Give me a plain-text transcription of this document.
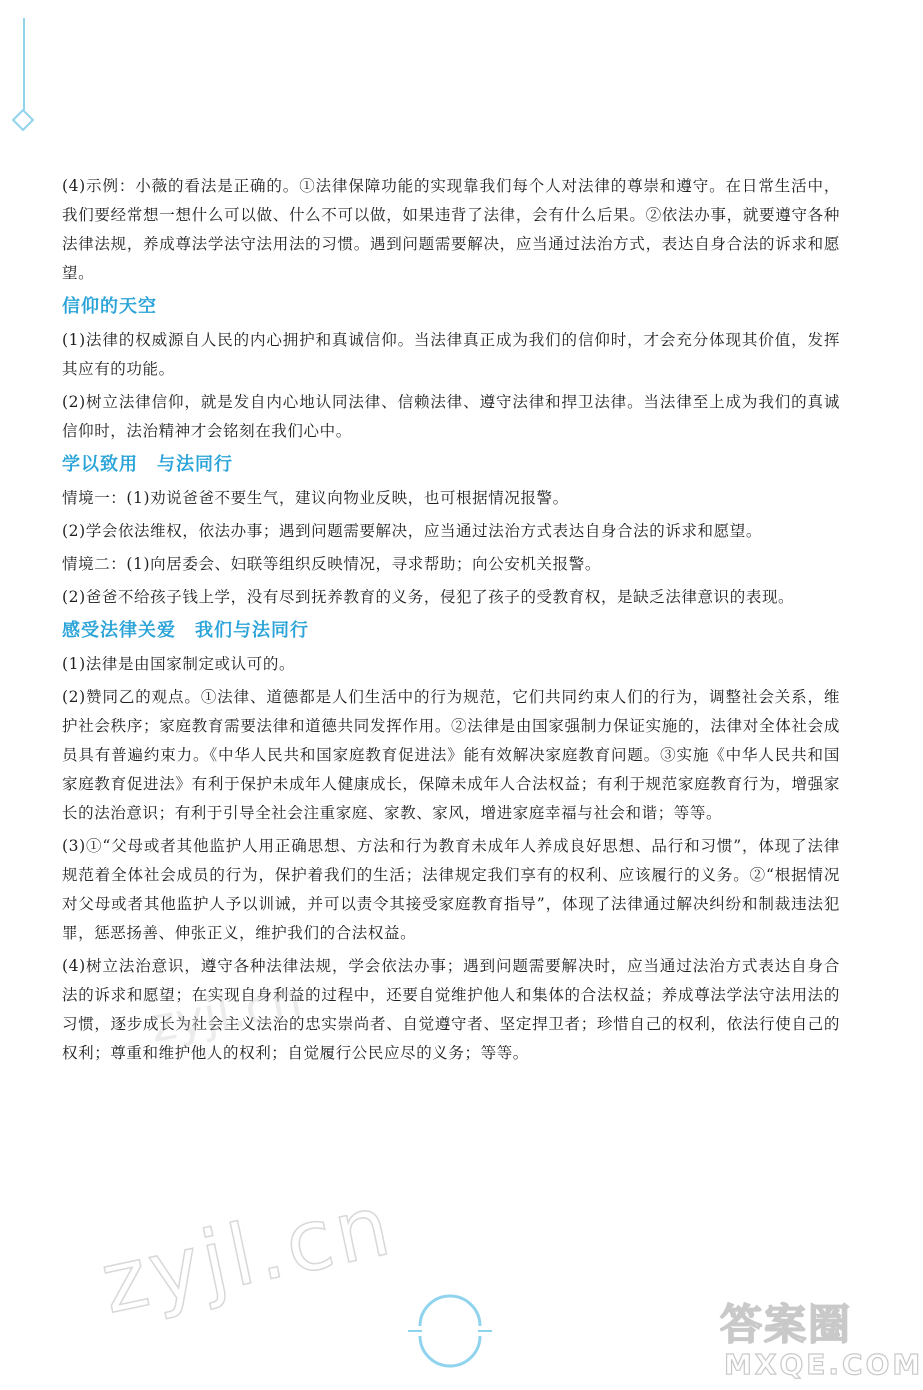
(4)示例：小薇的看法是正确的。①法律保障功能的实现靠我们每个人对法律的尊崇和遵守。在日常生活中，我们要经常想一想什么可以做、什么不可以做，如果违背了法律，会有什么后果。②依法办事，就要遵守各种法律法规，养成尊法学法守法用法的习惯。遇到问题需要解决，应当通过法治方式，表达自身合法的诉求和愿望。

信仰的天空

(1)法律的权威源自人民的内心拥护和真诚信仰。当法律真正成为我们的信仰时，才会充分体现其价值，发挥其应有的功能。

(2)树立法律信仰，就是发自内心地认同法律、信赖法律、遵守法律和捍卫法律。当法律至上成为我们的真诚信仰时，法治精神才会铭刻在我们心中。

学以致用　与法同行

情境一：(1)劝说爸爸不要生气，建议向物业反映，也可根据情况报警。

(2)学会依法维权，依法办事；遇到问题需要解决，应当通过法治方式表达自身合法的诉求和愿望。

情境二：(1)向居委会、妇联等组织反映情况，寻求帮助；向公安机关报警。

(2)爸爸不给孩子钱上学，没有尽到抚养教育的义务，侵犯了孩子的受教育权，是缺乏法律意识的表现。

感受法律关爱　我们与法同行

(1)法律是由国家制定或认可的。

(2)赞同乙的观点。①法律、道德都是人们生活中的行为规范，它们共同约束人们的行为，调整社会关系，维护社会秩序；家庭教育需要法律和道德共同发挥作用。②法律是由国家强制力保证实施的，法律对全体社会成员具有普遍约束力。《中华人民共和国家庭教育促进法》能有效解决家庭教育问题。③实施《中华人民共和国家庭教育促进法》有利于保护未成年人健康成长，保障未成年人合法权益；有利于规范家庭教育行为，增强家长的法治意识；有利于引导全社会注重家庭、家教、家风，增进家庭幸福与社会和谐；等等。

(3)①“父母或者其他监护人用正确思想、方法和行为教育未成年人养成良好思想、品行和习惯”，体现了法律规范着全体社会成员的行为，保护着我们的生活；法律规定我们享有的权利、应该履行的义务。②“根据情况对父母或者其他监护人予以训诫，并可以责令其接受家庭教育指导”，体现了法律通过解决纠纷和制裁违法犯罪，惩恶扬善、伸张正义，维护我们的合法权益。

(4)树立法治意识，遵守各种法律法规，学会依法办事；遇到问题需要解决时，应当通过法治方式表达自身合法的诉求和愿望；在实现自身利益的过程中，还要自觉维护他人和集体的合法权益；养成尊法学法守法用法的习惯，逐步成长为社会主义法治的忠实崇尚者、自觉遵守者、坚定捍卫者；珍惜自己的权利，依法行使自己的权利；尊重和维护他人的权利；自觉履行公民应尽的义务；等等。

zyjl.cn
zyjl.cn	答案圈
MXQE.COM
